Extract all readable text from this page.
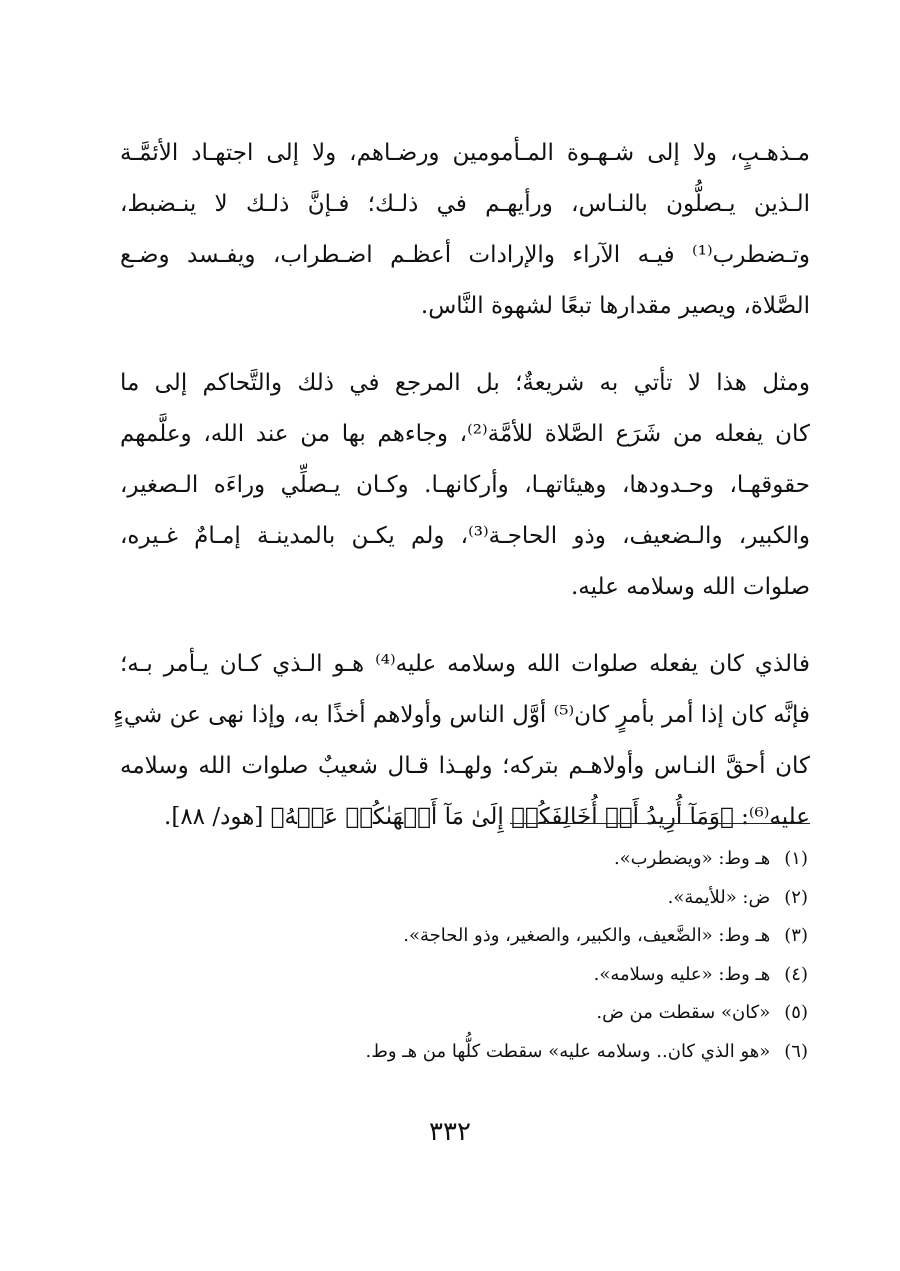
مـذهـبٍ، ولا إلى شـهـوة المـأمومين ورضـاهم، ولا إلى اجتهـاد الأئمَّـة
الـذين يـصلُّون بالنـاس، ورأيهـم في ذلـك؛ فـإنَّ ذلـك لا ينـضبط،
وتـضطرب⁽¹⁾ فيـه الآراء والإرادات أعظـم اضـطراب، ويفـسد وضـع
الصَّلاة، ويصير مقدارها تبعًا لشهوة النَّاس.

ومثل هذا لا تأتي به شريعةٌ؛ بل المرجع في ذلك والتَّحاكم إلى ما
كان يفعله من شَرَع الصَّلاة للأمَّة⁽²⁾، وجاءهم بها من عند الله، وعلَّمهم
حقوقهـا، وحـدودها، وهيئاتهـا، وأركانهـا. وكـان يـصلِّي وراءَه الـصغير،
والكبير، والـضعيف، وذو الحاجـة⁽³⁾، ولم يكـن بالمدينـة إمـامٌ غـيره،
صلوات الله وسلامه عليه.

فالذي كان يفعله صلوات الله وسلامه عليه⁽⁴⁾ هـو الـذي كـان يـأمر بـه؛
فإنَّه كان إذا أمر بأمرٍ كان⁽⁵⁾ أوَّل الناس وأولاهم أخذًا به، وإذا نهى عن شيءٍ
كان أحقَّ النـاس وأولاهـم بتركه؛ ولهـذا قـال شعيبٌ صلوات الله وسلامه
عليه⁽⁶⁾: ﴿وَمَآ أُرِيدُ أَنۡ أُخَالِفَكُمۡ إِلَىٰ مَآ أَنۡهَىٰكُمۡ عَنۡهُ﴾ [هود/ ٨٨].

(١)هـ وط: «ويضطرب».
(٢)ض: «للأيمة».
(٣)هـ وط: «الضَّعيف، والكبير، والصغير، وذو الحاجة».
(٤)هـ وط: «عليه وسلامه».
(٥)«كان» سقطت من ض.
(٦)«هو الذي كان.. وسلامه عليه» سقطت كلُّها من هـ وط.
٣٣٢
